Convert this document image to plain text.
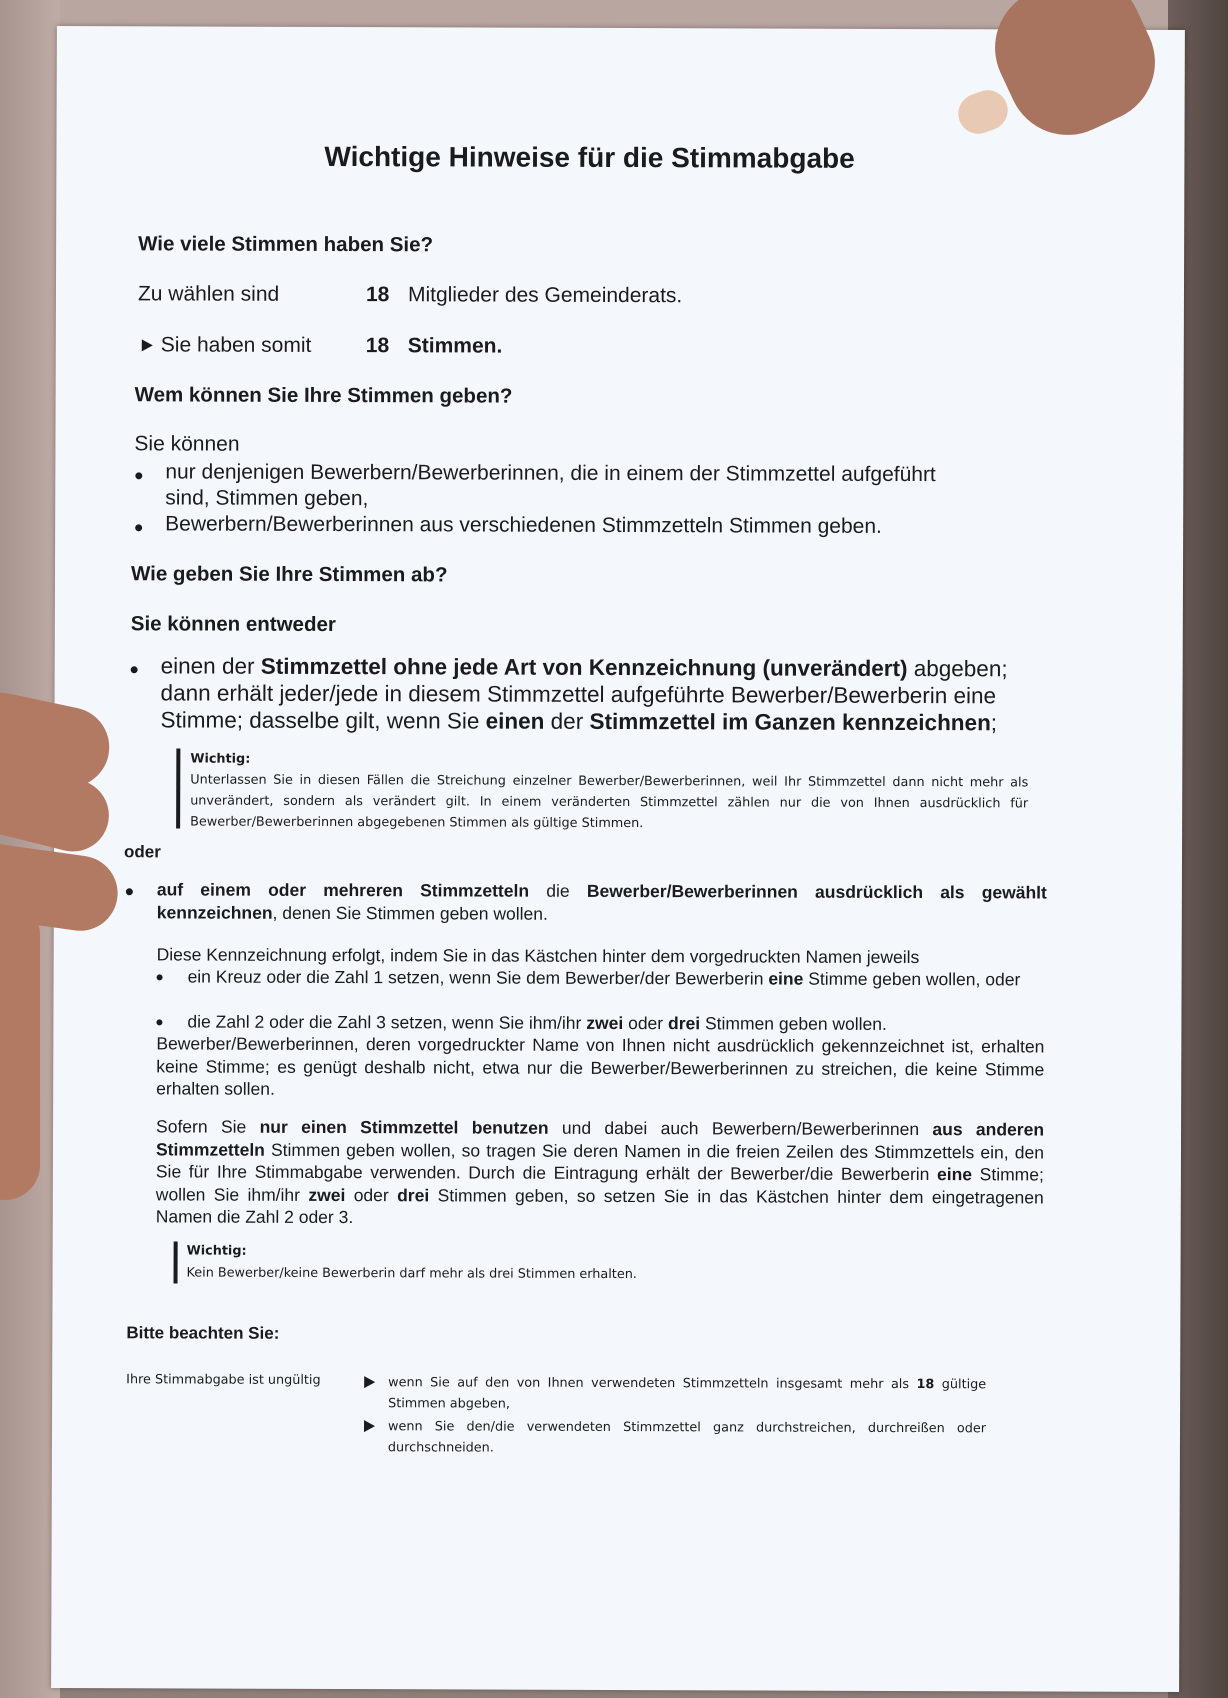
Wichtige Hinweise für die Stimmabgabe
Wie viele Stimmen haben Sie?
Zu wählen sind	18 Mitglieder des Gemeinderats.
Sie haben somit	18 Stimmen.
Wem können Sie Ihre Stimmen geben?
Sie können
nur denjenigen Bewerbern/Bewerberinnen, die in einem der Stimmzettel aufgeführt
sind, Stimmen geben,
Bewerbern/Bewerberinnen aus verschiedenen Stimmzetteln Stimmen geben.
Wie geben Sie Ihre Stimmen ab?
Sie können entweder
einen der Stimmzettel ohne jede Art von Kennzeichnung (unverändert) abgeben;
dann erhält jeder/jede in diesem Stimmzettel aufgeführte Bewerber/Bewerberin eine
Stimme; dasselbe gilt, wenn Sie einen der Stimmzettel im Ganzen kennzeichnen;
Wichtig:
Unterlassen Sie in diesen Fällen die Streichung einzelner Bewerber/Bewerberinnen, weil Ihr Stimmzettel dann nicht mehr als unverändert, sondern als verändert gilt. In einem veränderten Stimmzettel zählen nur die von Ihnen ausdrücklich für Bewerber/Bewerberinnen abgegebenen Stimmen als gültige Stimmen.
oder
auf einem oder mehreren Stimmzetteln die Bewerber/Bewerberinnen ausdrücklich als gewählt kennzeichnen, denen Sie Stimmen geben wollen.
Diese Kennzeichnung erfolgt, indem Sie in das Kästchen hinter dem vorgedruckten Namen jeweils
ein Kreuz oder die Zahl 1 setzen, wenn Sie dem Bewerber/der Bewerberin eine Stimme geben wollen, oder
die Zahl 2 oder die Zahl 3 setzen, wenn Sie ihm/ihr zwei oder drei Stimmen geben wollen.
Bewerber/Bewerberinnen, deren vorgedruckter Name von Ihnen nicht ausdrücklich gekennzeichnet ist, erhalten keine Stimme; es genügt deshalb nicht, etwa nur die Bewerber/Bewerberinnen zu streichen, die keine Stimme erhalten sollen.
Sofern Sie nur einen Stimmzettel benutzen und dabei auch Bewerbern/Bewerberinnen aus anderen Stimmzetteln Stimmen geben wollen, so tragen Sie deren Namen in die freien Zeilen des Stimmzettels ein, den Sie für Ihre Stimmabgabe verwenden. Durch die Eintragung erhält der Bewerber/die Bewerberin eine Stimme; wollen Sie ihm/ihr zwei oder drei Stimmen geben, so setzen Sie in das Kästchen hinter dem eingetragenen Namen die Zahl 2 oder 3.
Wichtig:
Kein Bewerber/keine Bewerberin darf mehr als drei Stimmen erhalten.
Bitte beachten Sie:
Ihre Stimmabgabe ist ungültig	wenn Sie auf den von Ihnen verwendeten Stimmzetteln insgesamt mehr als 18 gültige Stimmen abgeben,
wenn Sie den/die verwendeten Stimmzettel ganz durchstreichen, durchreißen oder durchschneiden.
